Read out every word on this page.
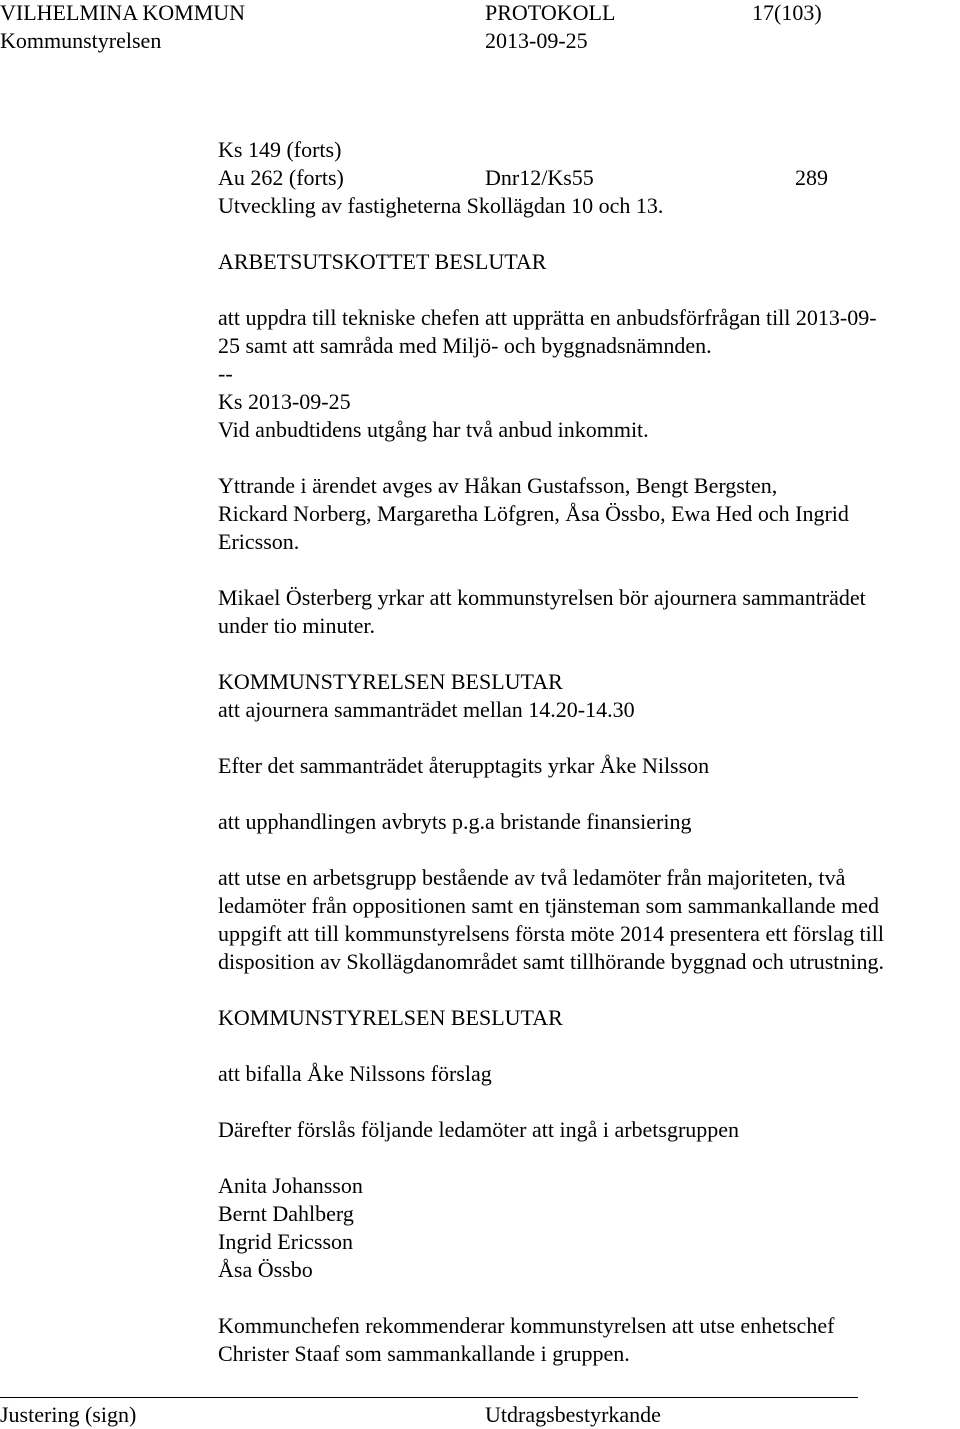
VILHELMINA KOMMUN	PROTOKOLL	17(103)
Kommunstyrelsen	2013-09-25
Ks 149 (forts)
Au 262 (forts)	Dnr12/Ks55	289
Utveckling av fastigheterna Skollägdan 10 och 13.
ARBETSUTSKOTTET BESLUTAR
att uppdra till tekniske chefen att upprätta en anbudsförfrågan till 2013-09-
25 samt att samråda med Miljö- och byggnadsnämnden.
--
Ks 2013-09-25
Vid anbudtidens utgång har två anbud inkommit.
Yttrande i ärendet avges av Håkan Gustafsson, Bengt Bergsten,
Rickard Norberg, Margaretha Löfgren, Åsa Össbo, Ewa Hed och Ingrid
Ericsson.
Mikael Österberg yrkar att kommunstyrelsen bör ajournera sammanträdet
under tio minuter.
KOMMUNSTYRELSEN BESLUTAR
att ajournera sammanträdet mellan 14.20-14.30
Efter det sammanträdet återupptagits yrkar Åke Nilsson
att upphandlingen avbryts p.g.a bristande finansiering
att utse en arbetsgrupp bestående av två ledamöter från majoriteten, två
ledamöter från oppositionen samt en tjänsteman som sammankallande med
uppgift att till kommunstyrelsens första möte 2014 presentera ett förslag till
disposition av Skollägdanområdet samt tillhörande byggnad och utrustning.
KOMMUNSTYRELSEN BESLUTAR
att bifalla Åke Nilssons förslag
Därefter förslås följande ledamöter att ingå i arbetsgruppen
Anita Johansson
Bernt Dahlberg
Ingrid Ericsson
Åsa Össbo
Kommunchefen rekommenderar kommunstyrelsen att utse enhetschef
Christer Staaf som sammankallande i gruppen.
Justering (sign)	Utdragsbestyrkande
